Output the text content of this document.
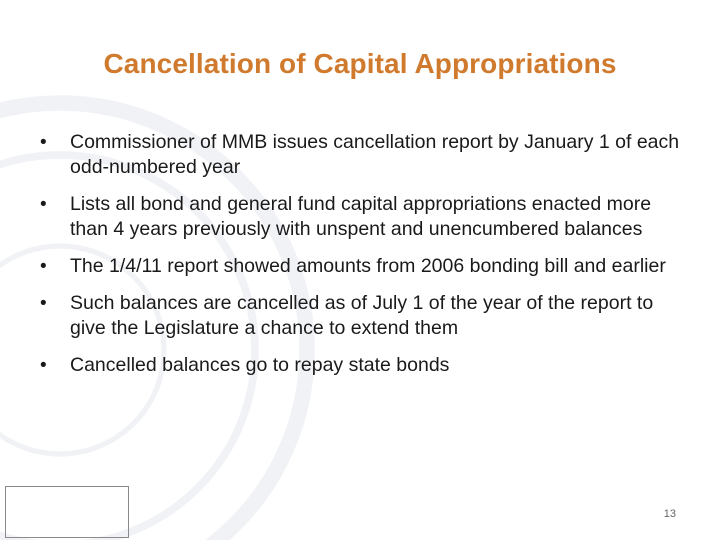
Cancellation of Capital Appropriations
•	Commissioner of MMB issues cancellation report by January 1 of each odd-numbered year
•	Lists all bond and general fund capital appropriations enacted more than 4 years previously with unspent and unencumbered balances
•	The 1/4/11 report showed amounts from 2006 bonding bill and earlier
•	Such balances are cancelled as of July 1 of the year of the report to give the Legislature a chance to extend them
•	Cancelled balances go to repay state bonds
13
